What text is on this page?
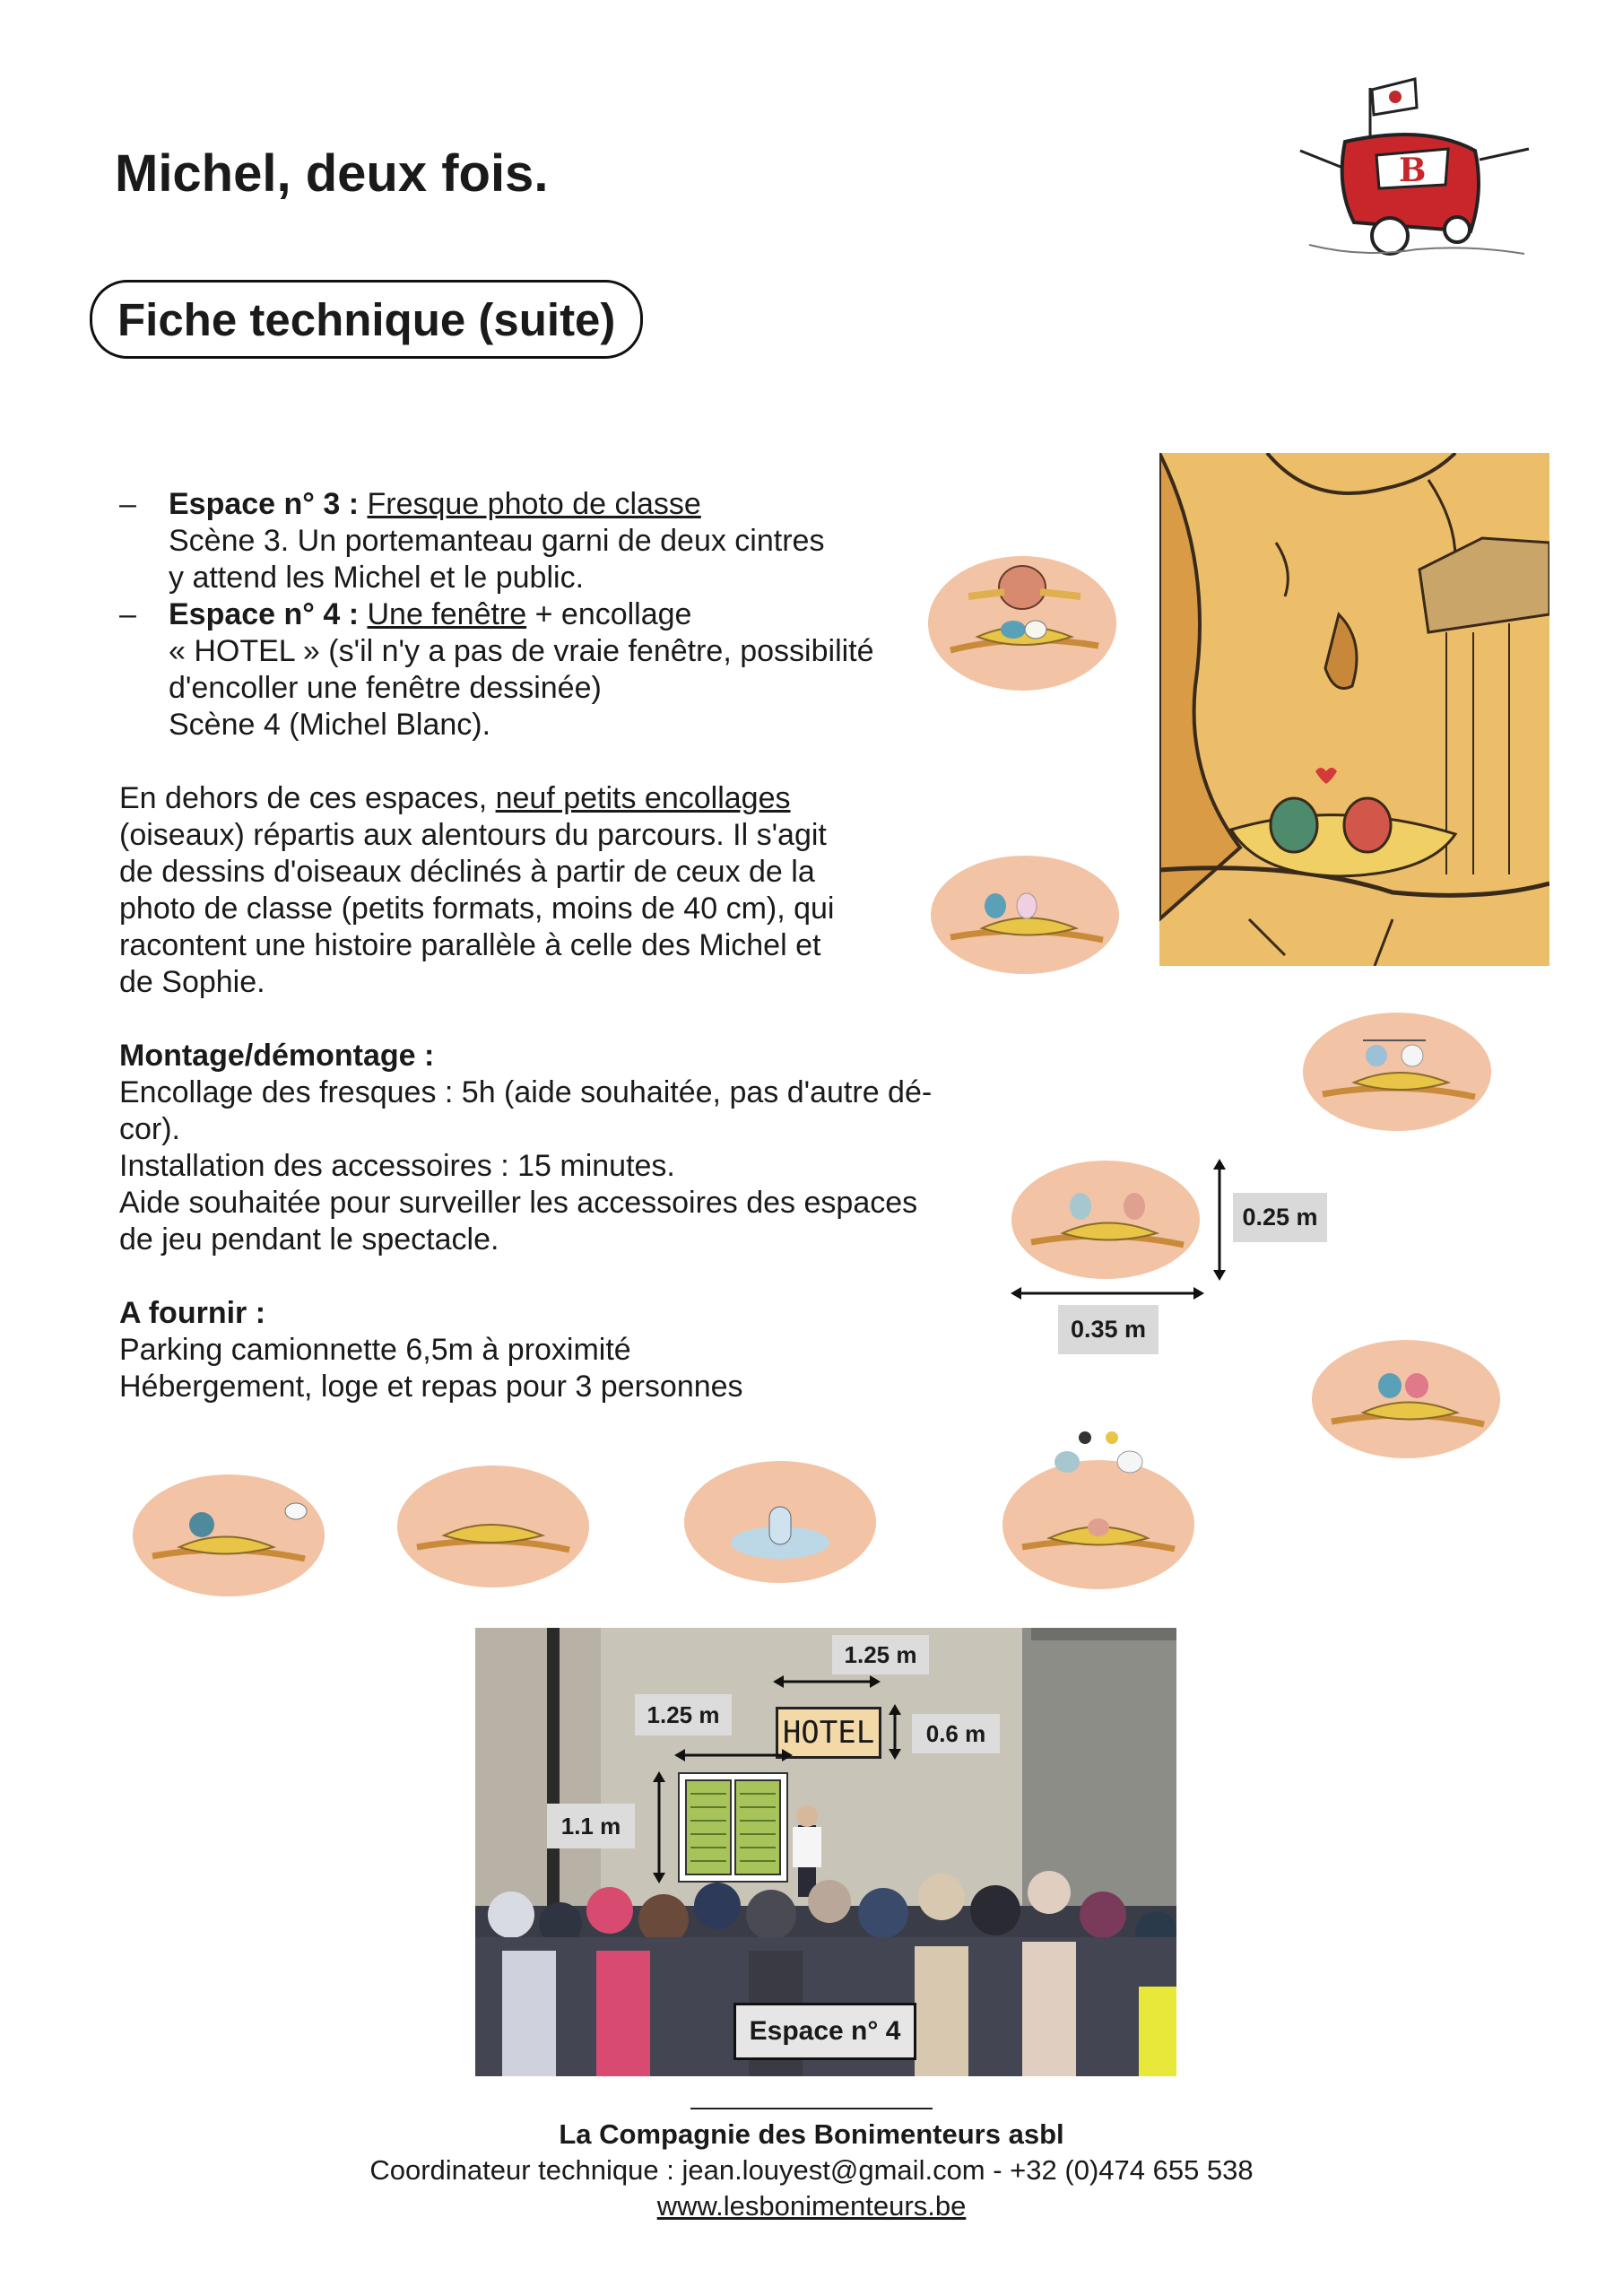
B
Michel, deux fois.
Fiche technique (suite)

– Espace n° 3 : Fresque photo de classe

Scène 3. Un portemanteau garni de deux cintres

y attend les Michel et le public.

– Espace n° 4 : Une fenêtre + encollage

« HOTEL » (s'il n'y a pas de vraie fenêtre, possibilité

d'encoller une fenêtre dessinée)

Scène 4 (Michel Blanc).

En dehors de ces espaces, neuf petits encollages

(oiseaux) répartis aux alentours du parcours. Il s'agit

de dessins d'oiseaux déclinés à partir de ceux de la

photo de classe (petits formats, moins de 40 cm), qui

racontent une histoire parallèle à celle des Michel et

de Sophie.

Montage/démontage :

Encollage des fresques : 5h (aide souhaitée, pas d'autre dé-

cor).

Installation des accessoires : 15 minutes.

Aide souhaitée pour surveiller les accessoires des espaces

de jeu pendant le spectacle.

A fournir :

Parking camionnette 6,5m à proximité

Hébergement, loge et repas pour 3 personnes

0.25 m
0.35 m
HOTEL
1.25 m
0.6 m
1.25 m
1.1 m
Espace n° 4
La Compagnie des Bonimenteurs asbl
Coordinateur technique : jean.louyest@gmail.com - +32 (0)474 655 538
www.lesbonimenteurs.be
